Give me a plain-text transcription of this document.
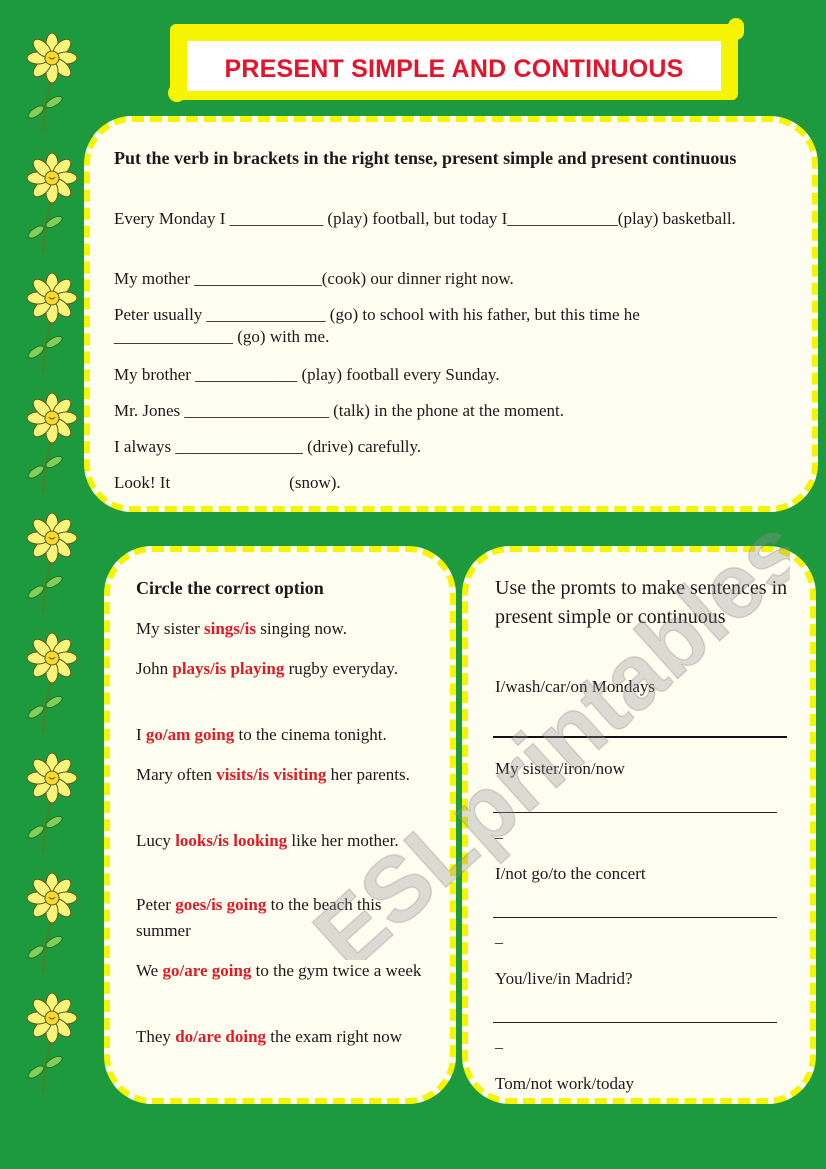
PRESENT SIMPLE AND CONTINUOUS
Put the verb in brackets in the right tense, present simple and present continuous
Every Monday I ___________ (play) football, but today I_____________(play) basketball.
My mother _______________(cook) our dinner right now.
Peter usually ______________ (go) to school with his father, but this time he ______________ (go) with me.
My brother ____________ (play) football every Sunday.
Mr. Jones _________________ (talk) in the phone at the moment.
I always _______________ (drive) carefully.
Look! It                            (snow).
Circle the correct option
My sister sings/is singing now.
John plays/is playing rugby everyday.
I go/am going to the cinema tonight.
Mary often visits/is visiting her parents.
Lucy looks/is looking like her mother.
Peter goes/is going to the beach this summer
We go/are going to the gym twice a week
They do/are doing the exam right now
Use the promts to make sentences in present simple or continuous
I/wash/car/on Mondays
My sister/iron/now
I/not go/to the concert
You/live/in Madrid?
Tom/not work/today
_
_
_
